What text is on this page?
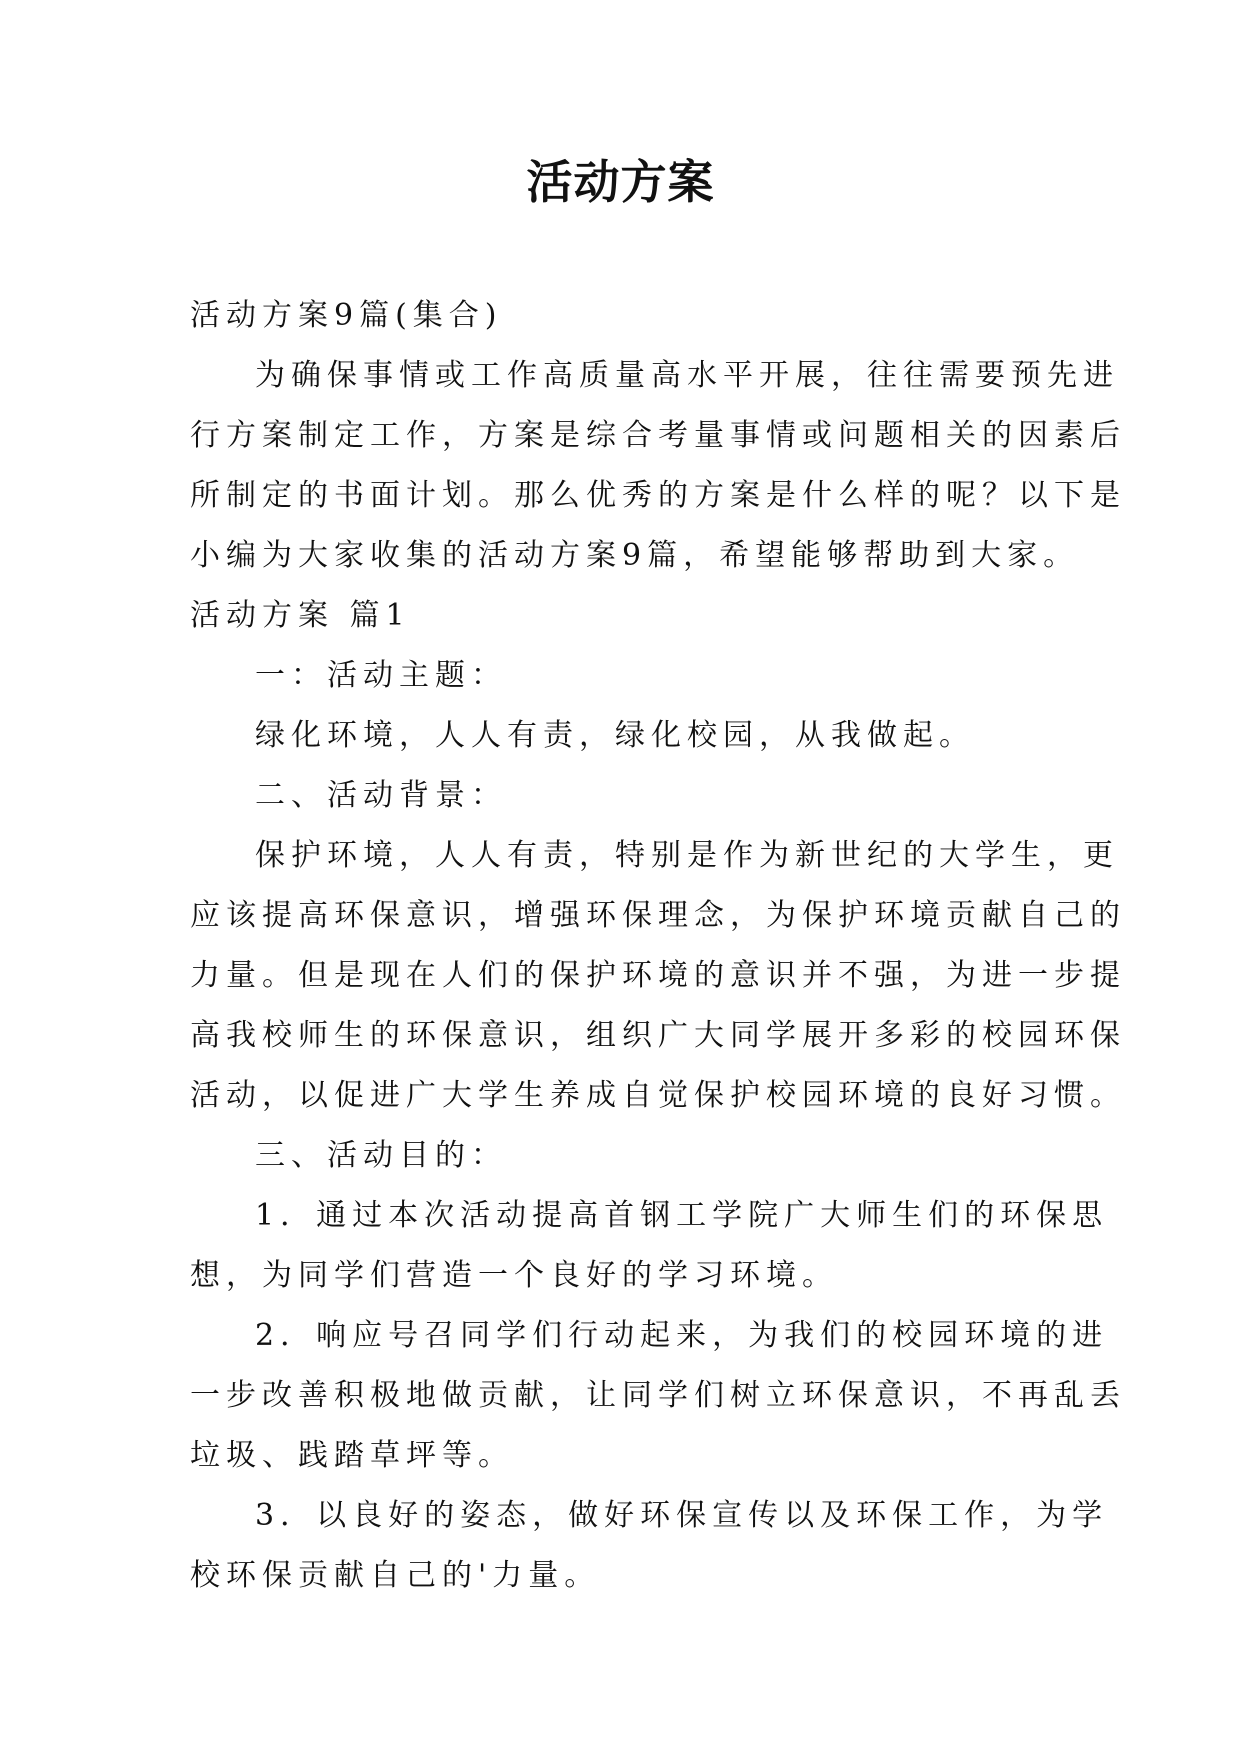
活动方案
活动方案9篇(集合)
为确保事情或工作高质量高水平开展，往往需要预先进
行方案制定工作，方案是综合考量事情或问题相关的因素后
所制定的书面计划。那么优秀的方案是什么样的呢？以下是
小编为大家收集的活动方案9篇，希望能够帮助到大家。
活动方案 篇1
一：活动主题：
绿化环境，人人有责，绿化校园，从我做起。
二、活动背景：
保护环境，人人有责，特别是作为新世纪的大学生，更
应该提高环保意识，增强环保理念，为保护环境贡献自己的
力量。但是现在人们的保护环境的意识并不强，为进一步提
高我校师生的环保意识，组织广大同学展开多彩的校园环保
活动，以促进广大学生养成自觉保护校园环境的良好习惯。
三、活动目的：
1．通过本次活动提高首钢工学院广大师生们的环保思
想，为同学们营造一个良好的学习环境。
2．响应号召同学们行动起来，为我们的校园环境的进
一步改善积极地做贡献，让同学们树立环保意识，不再乱丢
垃圾、践踏草坪等。
3．以良好的姿态，做好环保宣传以及环保工作，为学
校环保贡献自己的'力量。
